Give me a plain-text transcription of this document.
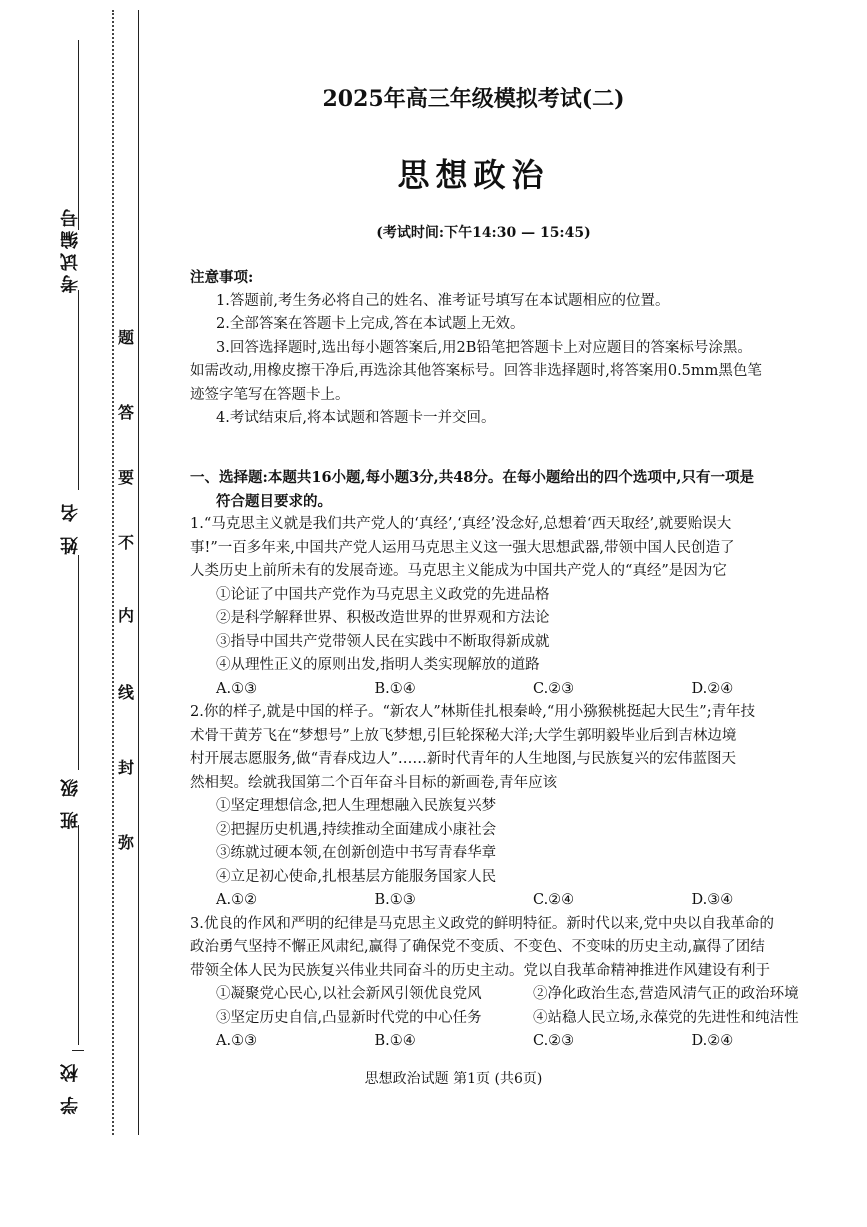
考试编号
姓 名
班 级
学 校
题
答
要
不
内
线
封
弥
2025年高三年级模拟考试(二)
思想政治
(考试时间:下午14:30 — 15:45)
注意事项:
1.答题前,考生务必将自己的姓名、准考证号填写在本试题相应的位置。
2.全部答案在答题卡上完成,答在本试题上无效。
3.回答选择题时,选出每小题答案后,用2B铅笔把答题卡上对应题目的答案标号涂黑。
如需改动,用橡皮擦干净后,再选涂其他答案标号。回答非选择题时,将答案用0.5mm黑色笔
迹签字笔写在答题卡上。
4.考试结束后,将本试题和答题卡一并交回。
一、选择题:本题共16小题,每小题3分,共48分。在每小题给出的四个选项中,只有一项是
符合题目要求的。
1.“马克思主义就是我们共产党人的‘真经’,‘真经’没念好,总想着‘西天取经’,就要贻误大
事!”一百多年来,中国共产党人运用马克思主义这一强大思想武器,带领中国人民创造了
人类历史上前所未有的发展奇迹。马克思主义能成为中国共产党人的“真经”是因为它
①论证了中国共产党作为马克思主义政党的先进品格
②是科学解释世界、积极改造世界的世界观和方法论
③指导中国共产党带领人民在实践中不断取得新成就
④从理性正义的原则出发,指明人类实现解放的道路
A.①③	B.①④	C.②③	D.②④
2.你的样子,就是中国的样子。“新农人”林斯佳扎根秦岭,“用小猕猴桃挺起大民生”;青年技
术骨干黄芳飞在“梦想号”上放飞梦想,引巨轮探秘大洋;大学生郭明毅毕业后到吉林边境
村开展志愿服务,做“青春戍边人”……新时代青年的人生地图,与民族复兴的宏伟蓝图天
然相契。绘就我国第二个百年奋斗目标的新画卷,青年应该
①坚定理想信念,把人生理想融入民族复兴梦
②把握历史机遇,持续推动全面建成小康社会
③练就过硬本领,在创新创造中书写青春华章
④立足初心使命,扎根基层方能服务国家人民
A.①②	B.①③	C.②④	D.③④
3.优良的作风和严明的纪律是马克思主义政党的鲜明特征。新时代以来,党中央以自我革命的
政治勇气坚持不懈正风肃纪,赢得了确保党不变质、不变色、不变味的历史主动,赢得了团结
带领全体人民为民族复兴伟业共同奋斗的历史主动。党以自我革命精神推进作风建设有利于
①凝聚党心民心,以社会新风引领优良党风	②净化政治生态,营造风清气正的政治环境
③坚定历史自信,凸显新时代党的中心任务	④站稳人民立场,永葆党的先进性和纯洁性
A.①③	B.①④	C.②③	D.②④
思想政治试题 第1页 (共6页)
